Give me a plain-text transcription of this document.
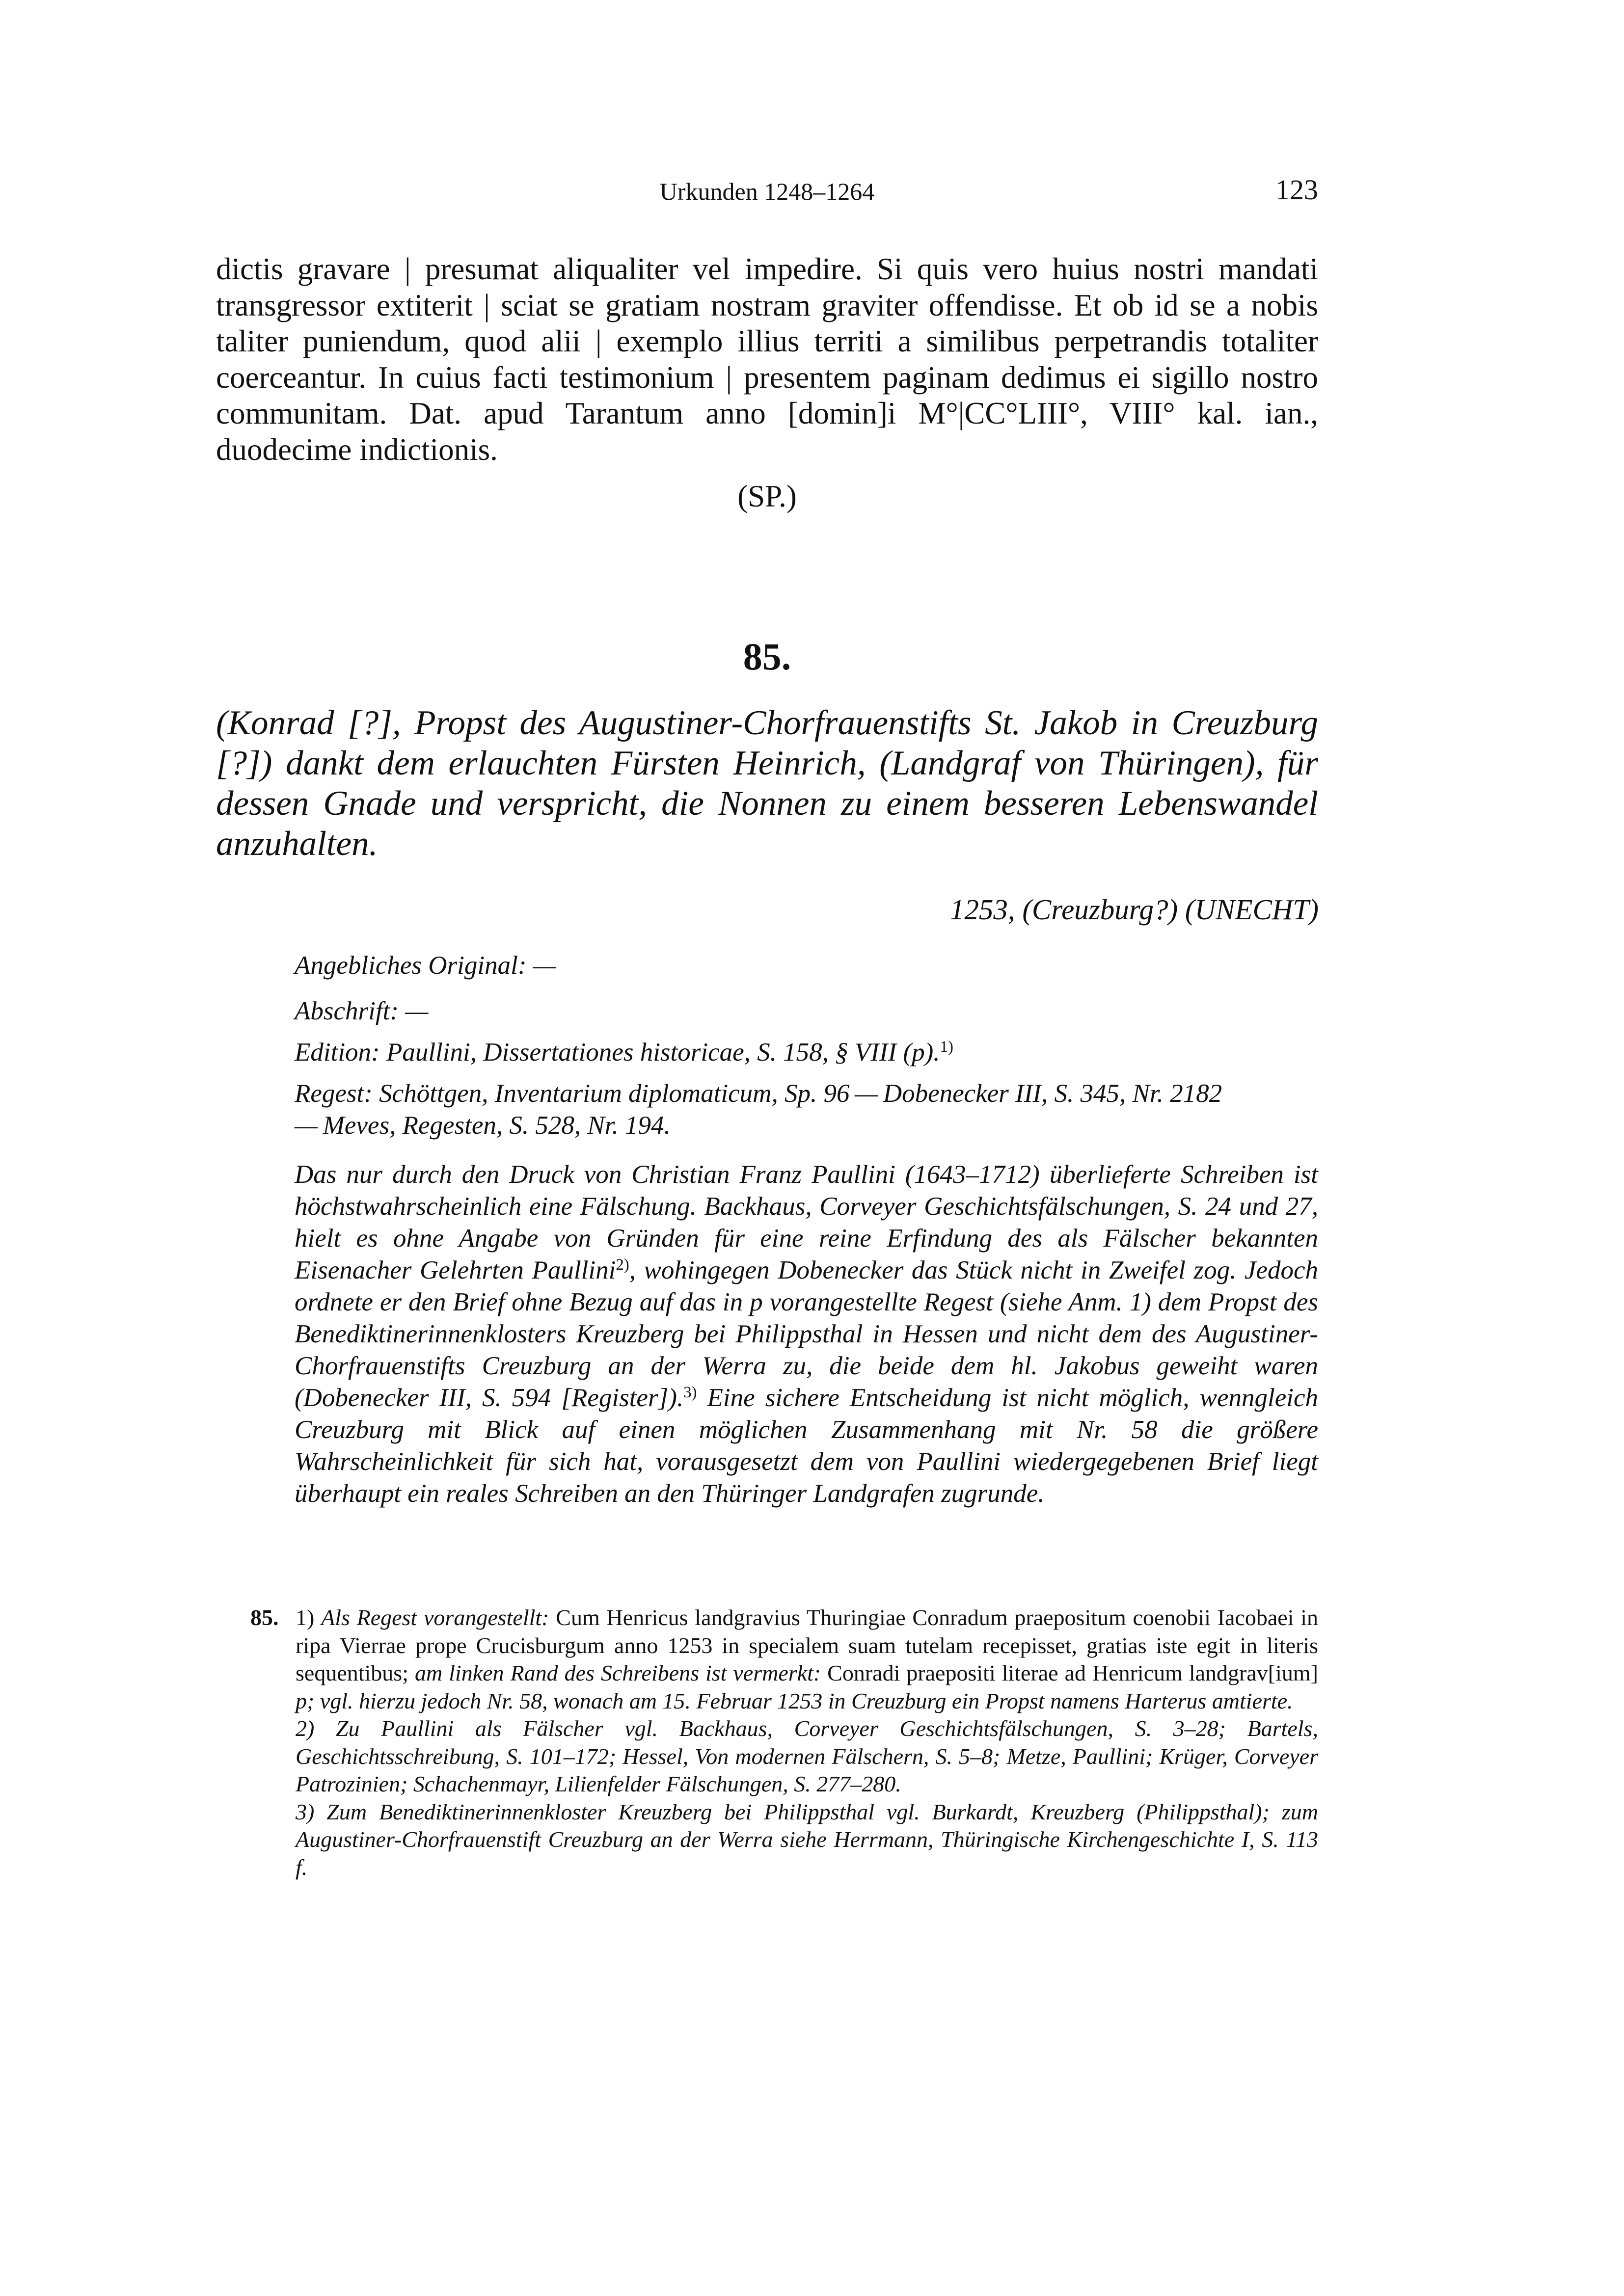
Urkunden 1248–1264	123
dictis gravare | presumat aliqualiter vel impedire. Si quis vero huius nostri mandati transgressor extiterit | sciat se gratiam nostram graviter offendisse. Et ob id se a nobis taliter puniendum, quod alii | exemplo illius territi a similibus perpetrandis totaliter coerceantur. In cuius facti testimonium | presentem paginam dedimus ei sigillo nostro communitam. Dat. apud Tarantum anno [domin]i M°|CC°LIII°, VIII° kal. ian., duodecime indictionis.
(SP.)
85.
(Konrad [?], Propst des Augustiner-Chorfrauenstifts St. Jakob in Creuzburg [?]) dankt dem erlauchten Fürsten Heinrich, (Landgraf von Thüringen), für dessen Gnade und verspricht, die Nonnen zu einem besseren Lebenswandel anzuhalten.
1253, (Creuzburg?) (UNECHT)
Angebliches Original: —
Abschrift: —
Edition: Paullini, Dissertationes historicae, S. 158, § VIII (p).$^{1)}$
Regest: Schöttgen, Inventarium diplomaticum, Sp. 96 — Dobenecker III, S. 345, Nr. 2182
— Meves, Regesten, S. 528, Nr. 194.
Das nur durch den Druck von Christian Franz Paullini (1643–1712) überlieferte Schreiben ist höchstwahrscheinlich eine Fälschung. Backhaus, Corveyer Geschichtsfälschungen, S. 24 und 27, hielt es ohne Angabe von Gründen für eine reine Erfindung des als Fälscher bekannten Eisenacher Gelehrten Paullini$^{2)}$, wohingegen Dobenecker das Stück nicht in Zweifel zog. Jedoch ordnete er den Brief ohne Bezug auf das in p vorangestellte Regest (siehe Anm. 1) dem Propst des Benediktinerinnenklosters Kreuzberg bei Philippsthal in Hessen und nicht dem des Augustiner-Chorfrauenstifts Creuzburg an der Werra zu, die beide dem hl. Jakobus geweiht waren (Dobenecker III, S. 594 [Register]).$^{3)}$ Eine sichere Entscheidung ist nicht möglich, wenngleich Creuzburg mit Blick auf einen möglichen Zusammenhang mit Nr. 58 die größere Wahrscheinlichkeit für sich hat, vorausgesetzt dem von Paullini wiedergegebenen Brief liegt überhaupt ein reales Schreiben an den Thüringer Landgrafen zugrunde.
85. 1) Als Regest vorangestellt: Cum Henricus landgravius Thuringiae Conradum praepositum coenobii Iacobaei in ripa Vierrae prope Crucisburgum anno 1253 in specialem suam tutelam recepisset, gratias iste egit in literis sequentibus; am linken Rand des Schreibens ist vermerkt: Conradi praepositi literae ad Henricum landgrav[ium] p; vgl. hierzu jedoch Nr. 58, wonach am 15. Februar 1253 in Creuzburg ein Propst namens Harterus amtierte.

2) Zu Paullini als Fälscher vgl. Backhaus, Corveyer Geschichtsfälschungen, S. 3–28; Bartels, Geschichtsschreibung, S. 101–172; Hessel, Von modernen Fälschern, S. 5–8; Metze, Paullini; Krüger, Corveyer Patrozinien; Schachenmayr, Lilienfelder Fälschungen, S. 277–280.

3) Zum Benediktinerinnenkloster Kreuzberg bei Philippsthal vgl. Burkardt, Kreuzberg (Philippsthal); zum Augustiner-Chorfrauenstift Creuzburg an der Werra siehe Herrmann, Thüringische Kirchengeschichte I, S. 113 f.
